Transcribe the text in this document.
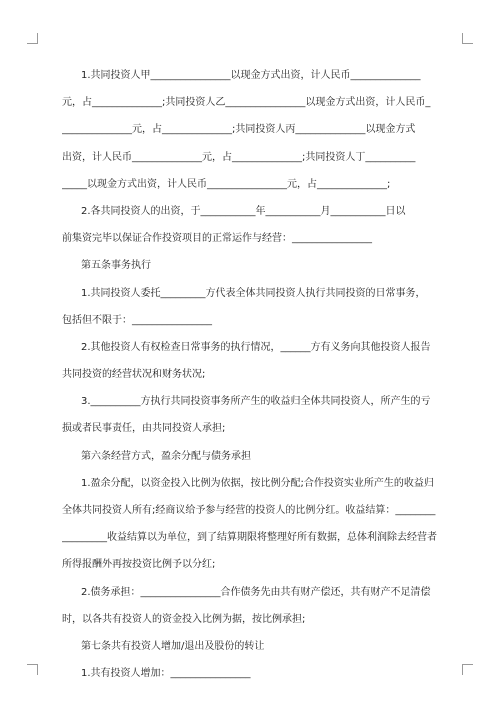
1.共同投资人甲________________以现金方式出资，计人民币______________
元，占______________;共同投资人乙________________以现金方式出资，计人民币_
______________元，占______________;共同投资人丙______________以现金方式
出资，计人民币______________元，占______________;共同投资人丁__________
_____以现金方式出资，计人民币________________元，占______________;
2.各共同投资人的出资，于___________年___________月___________日以
前集资完毕以保证合作投资项目的正常运作与经营：________________
第五条事务执行
1.共同投资人委托_________方代表全体共同投资人执行共同投资的日常事务，
包括但不限于：________________
2.其他投资人有权检查日常事务的执行情况，______方有义务向其他投资人报告
共同投资的经营状况和财务状况;
3.__________方执行共同投资事务所产生的收益归全体共同投资人，所产生的亏
损或者民事责任，由共同投资人承担;
第六条经营方式，盈余分配与债务承担
1.盈余分配，以资金投入比例为依据，按比例分配;合作投资实业所产生的收益归
全体共同投资人所有;经商议给予参与经营的投资人的比例分红。收益结算：________
_________收益结算以为单位，到了结算期限将整理好所有数据，总体利润除去经营者
所得报酬外再按投资比例予以分红;
2.债务承担：________________合作债务先由共有财产偿还，共有财产不足清偿
时，以各共有投资人的资金投入比例为据，按比例承担;
第七条共有投资人增加/退出及股份的转让
1.共有投资人增加：________________
